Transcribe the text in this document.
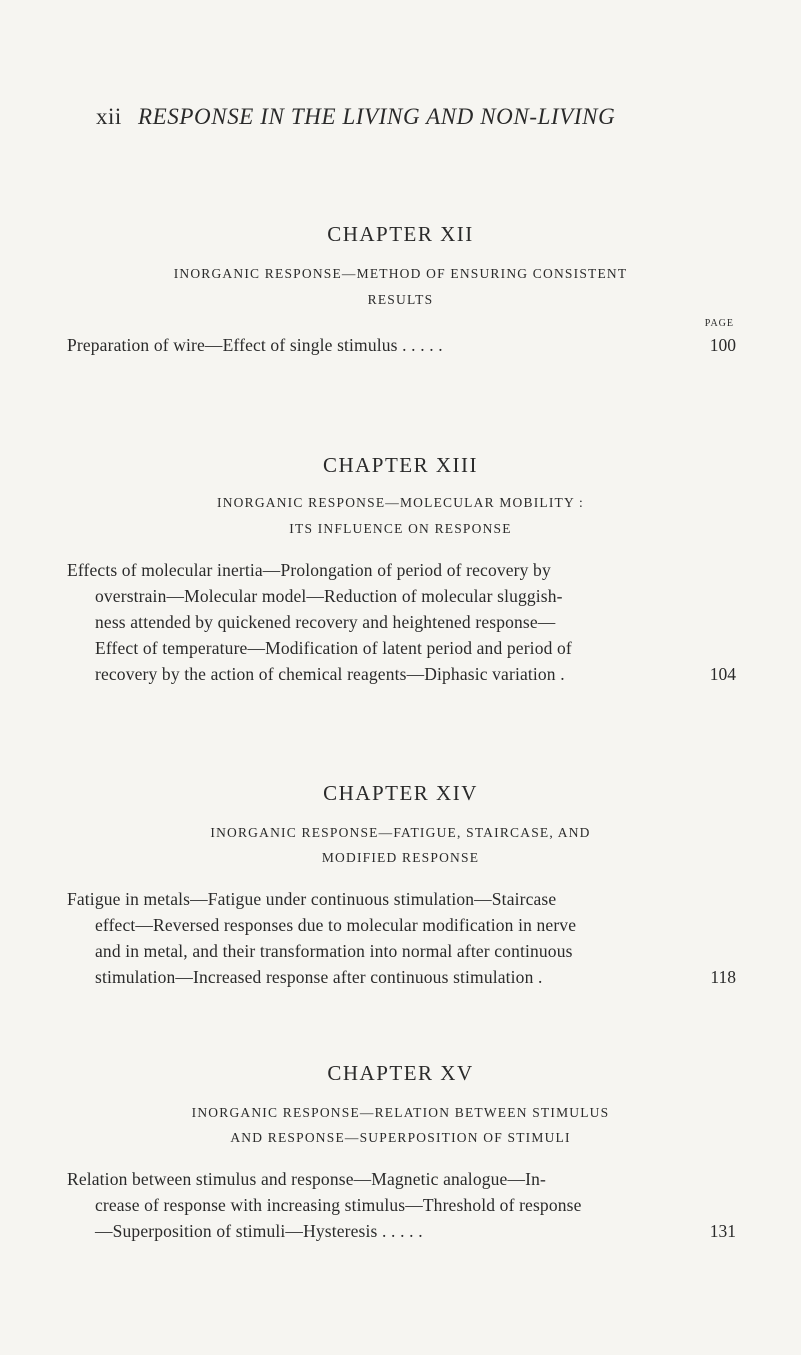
xii RESPONSE IN THE LIVING AND NON-LIVING
CHAPTER XII
INORGANIC RESPONSE—METHOD OF ENSURING CONSISTENT
RESULTS
PAGE
Preparation of wire—Effect of single stimulus . . . . .	100
CHAPTER XIII
INORGANIC RESPONSE—MOLECULAR MOBILITY :
ITS INFLUENCE ON RESPONSE
Effects of molecular inertia—Prolongation of period of recovery by
overstrain—Molecular model—Reduction of molecular sluggish-
ness attended by quickened recovery and heightened response—
Effect of temperature—Modification of latent period and period of
recovery by the action of chemical reagents—Diphasic variation .	104
CHAPTER XIV
INORGANIC RESPONSE—FATIGUE, STAIRCASE, AND
MODIFIED RESPONSE
Fatigue in metals—Fatigue under continuous stimulation—Staircase
effect—Reversed responses due to molecular modification in nerve
and in metal, and their transformation into normal after continuous
stimulation—Increased response after continuous stimulation .	118
CHAPTER XV
INORGANIC RESPONSE—RELATION BETWEEN STIMULUS
AND RESPONSE—SUPERPOSITION OF STIMULI
Relation between stimulus and response—Magnetic analogue—In-
crease of response with increasing stimulus—Threshold of response
—Superposition of stimuli—Hysteresis . . . . .	131
